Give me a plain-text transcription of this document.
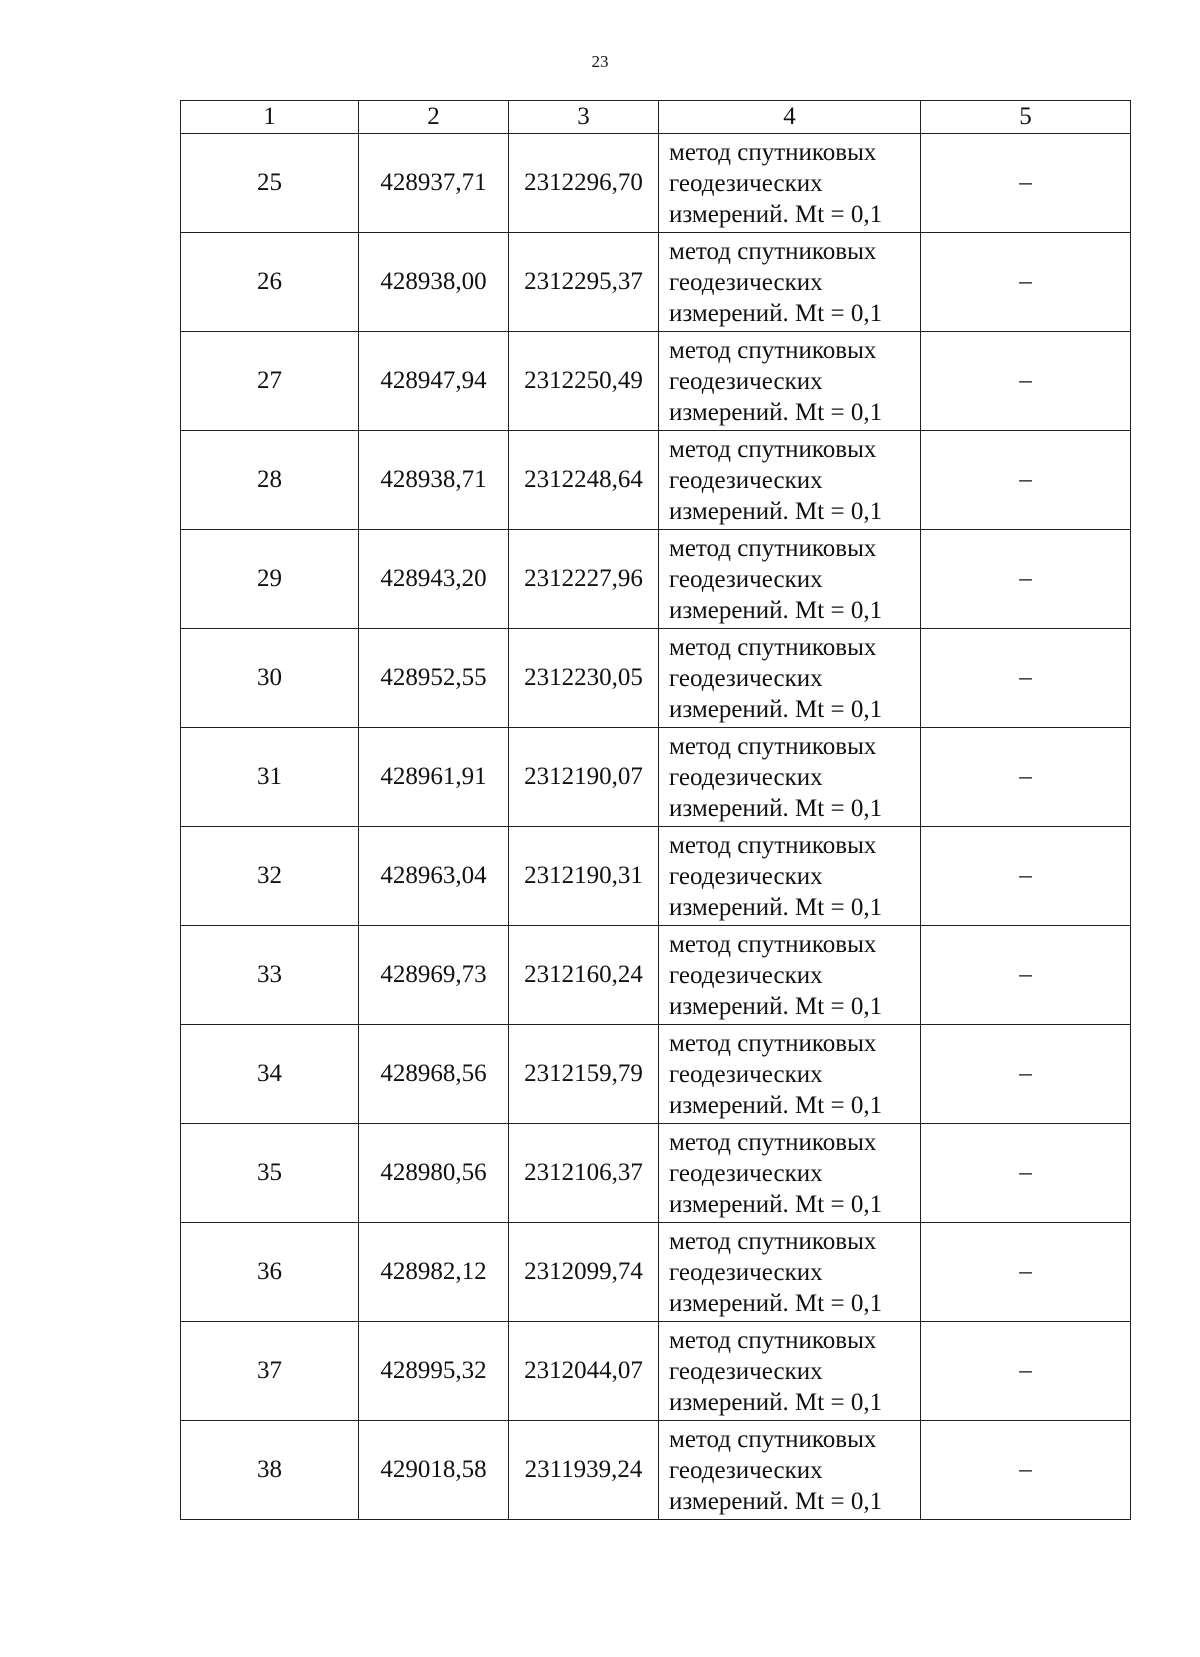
23
1	2	3	4	5
25	428937,71	2312296,70	метод спутниковых
геодезических
измерений. Mt = 0,1	–
26	428938,00	2312295,37	метод спутниковых
геодезических
измерений. Mt = 0,1	–
27	428947,94	2312250,49	метод спутниковых
геодезических
измерений. Mt = 0,1	–
28	428938,71	2312248,64	метод спутниковых
геодезических
измерений. Mt = 0,1	–
29	428943,20	2312227,96	метод спутниковых
геодезических
измерений. Mt = 0,1	–
30	428952,55	2312230,05	метод спутниковых
геодезических
измерений. Mt = 0,1	–
31	428961,91	2312190,07	метод спутниковых
геодезических
измерений. Mt = 0,1	–
32	428963,04	2312190,31	метод спутниковых
геодезических
измерений. Mt = 0,1	–
33	428969,73	2312160,24	метод спутниковых
геодезических
измерений. Mt = 0,1	–
34	428968,56	2312159,79	метод спутниковых
геодезических
измерений. Mt = 0,1	–
35	428980,56	2312106,37	метод спутниковых
геодезических
измерений. Mt = 0,1	–
36	428982,12	2312099,74	метод спутниковых
геодезических
измерений. Mt = 0,1	–
37	428995,32	2312044,07	метод спутниковых
геодезических
измерений. Mt = 0,1	–
38	429018,58	2311939,24	метод спутниковых
геодезических
измерений. Mt = 0,1	–
